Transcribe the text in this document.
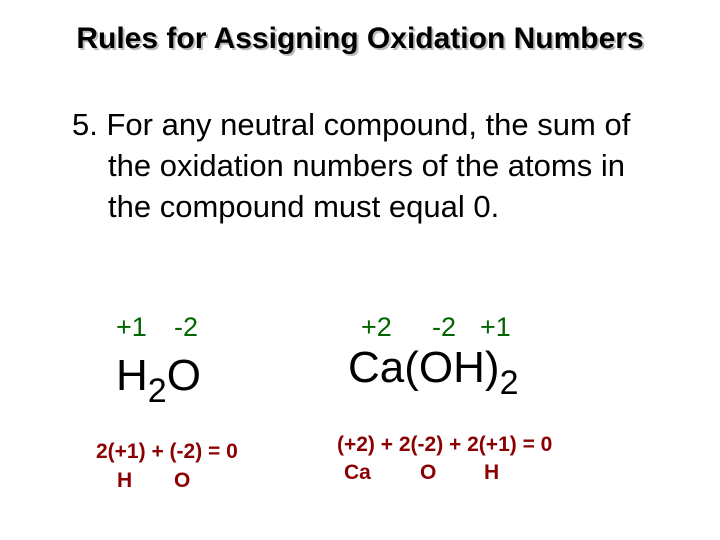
Rules for Assigning Oxidation Numbers
5. For any neutral compound, the sum of
the oxidation numbers of the atoms in
the compound must equal 0.
+1 -2
$H_2O$
2(+1) + (-2) = 0
H O
+2 -2 +1
$Ca(OH)_2$
(+2) + 2(-2) + 2(+1) = 0
Ca O H
